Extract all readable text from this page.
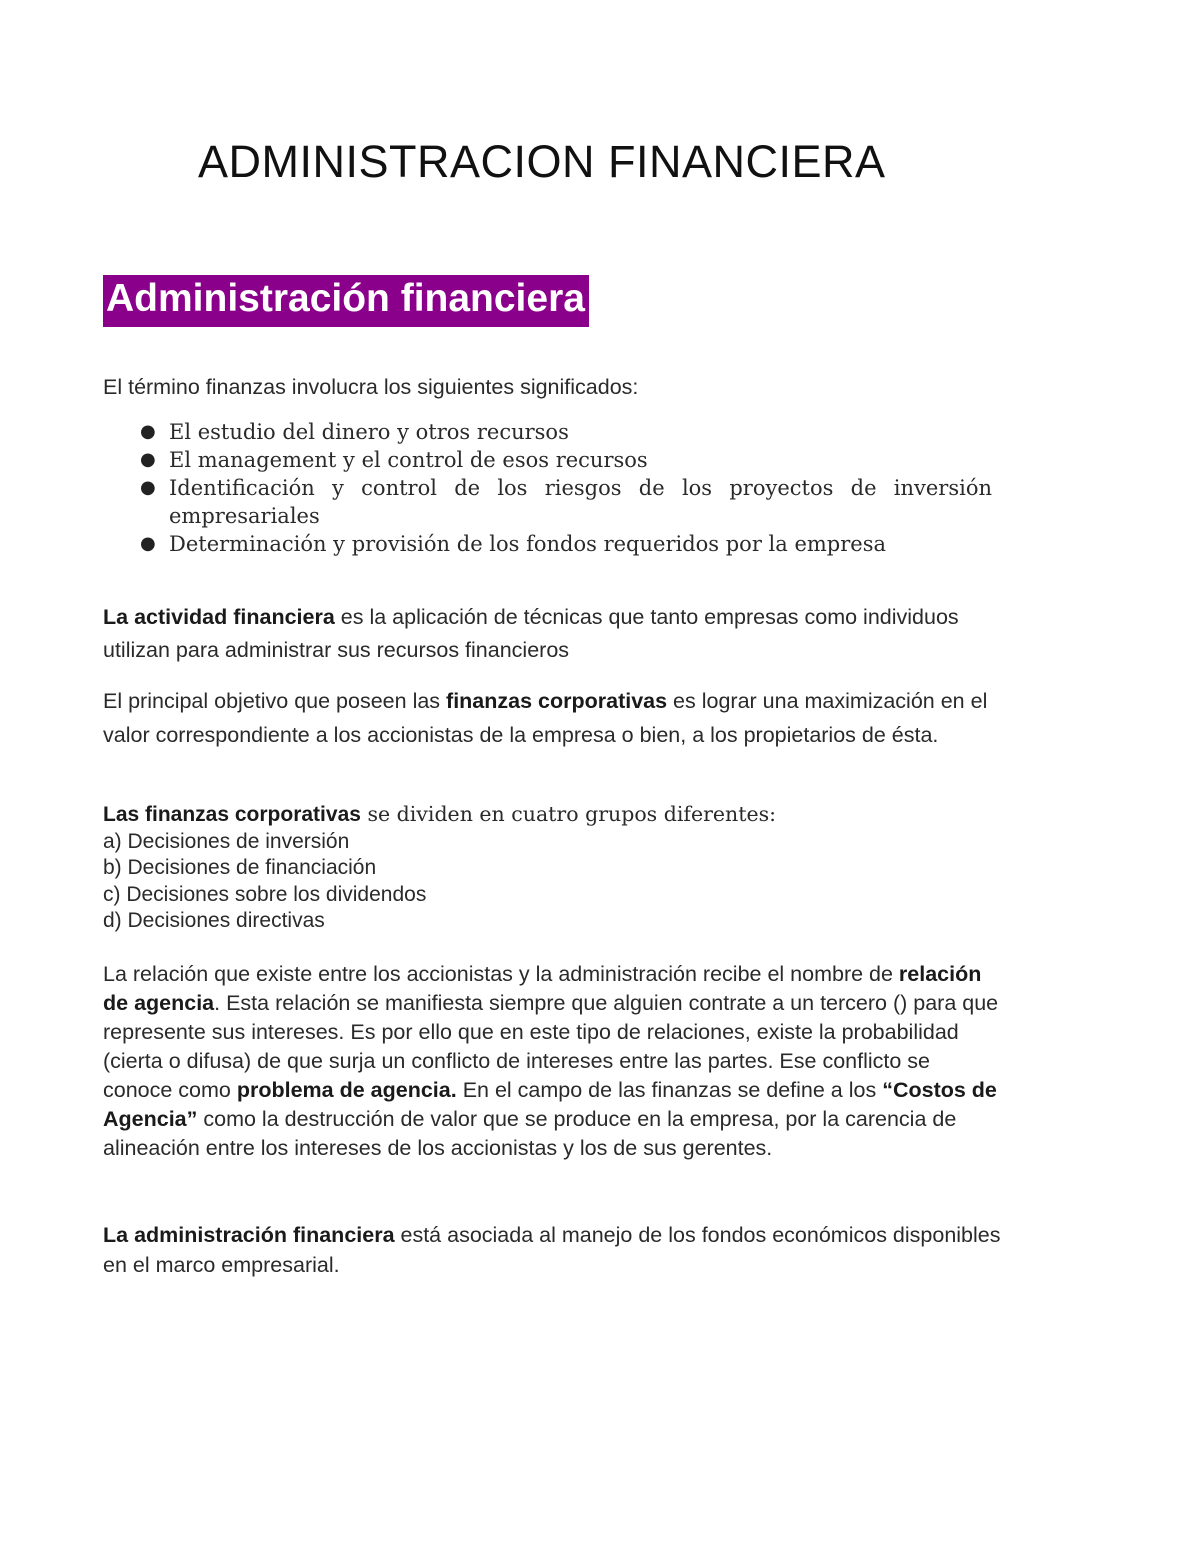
ADMINISTRACION FINANCIERA
Administración financiera

El término finanzas involucra los siguientes significados:

● El estudio del dinero y otros recursos
● El management y el control de esos recursos
● Identificación y control de los riesgos de los proyectos de inversión
empresariales
● Determinación y provisión de los fondos requeridos por la empresa

La actividad financiera es la aplicación de técnicas que tanto empresas como individuos utilizan para administrar sus recursos financieros

El principal objetivo que poseen las finanzas corporativas es lograr una maximización en el valor correspondiente a los accionistas de la empresa o bien, a los propietarios de ésta.

Las finanzas corporativas se dividen en cuatro grupos diferentes:
a) Decisiones de inversión
b) Decisiones de financiación
c) Decisiones sobre los dividendos
d) Decisiones directivas

La relación que existe entre los accionistas y la administración recibe el nombre de relación de agencia. Esta relación se manifiesta siempre que alguien contrate a un tercero () para que represente sus intereses. Es por ello que en este tipo de relaciones, existe la probabilidad (cierta o difusa) de que surja un conflicto de intereses entre las partes. Ese conflicto se conoce como problema de agencia. En el campo de las finanzas se define a los “Costos de Agencia” como la destrucción de valor que se produce en la empresa, por la carencia de alineación entre los intereses de los accionistas y los de sus gerentes.

La administración financiera está asociada al manejo de los fondos económicos disponibles en el marco empresarial.
